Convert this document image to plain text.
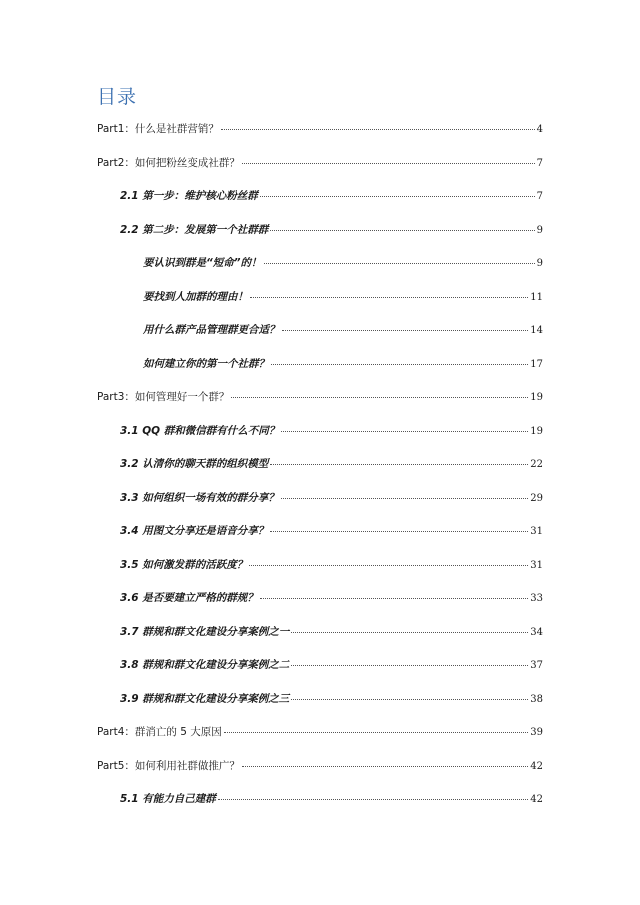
目录
Part1：什么是社群营销？	4
Part2：如何把粉丝变成社群？	7
2.1 第一步：维护核心粉丝群	7
2.2 第二步：发展第一个社群群	9
要认识到群是“短命”的！	9
要找到人加群的理由！	11
用什么群产品管理群更合适？	14
如何建立你的第一个社群？	17
Part3：如何管理好一个群？	19
3.1 QQ 群和微信群有什么不同？	19
3.2 认清你的聊天群的组织模型	22
3.3 如何组织一场有效的群分享？	29
3.4 用图文分享还是语音分享？	31
3.5 如何激发群的活跃度？	31
3.6 是否要建立严格的群规？	33
3.7 群规和群文化建设分享案例之一	34
3.8 群规和群文化建设分享案例之二	37
3.9 群规和群文化建设分享案例之三	38
Part4：群消亡的 5 大原因	39
Part5：如何利用社群做推广？	42
5.1 有能力自己建群	42
